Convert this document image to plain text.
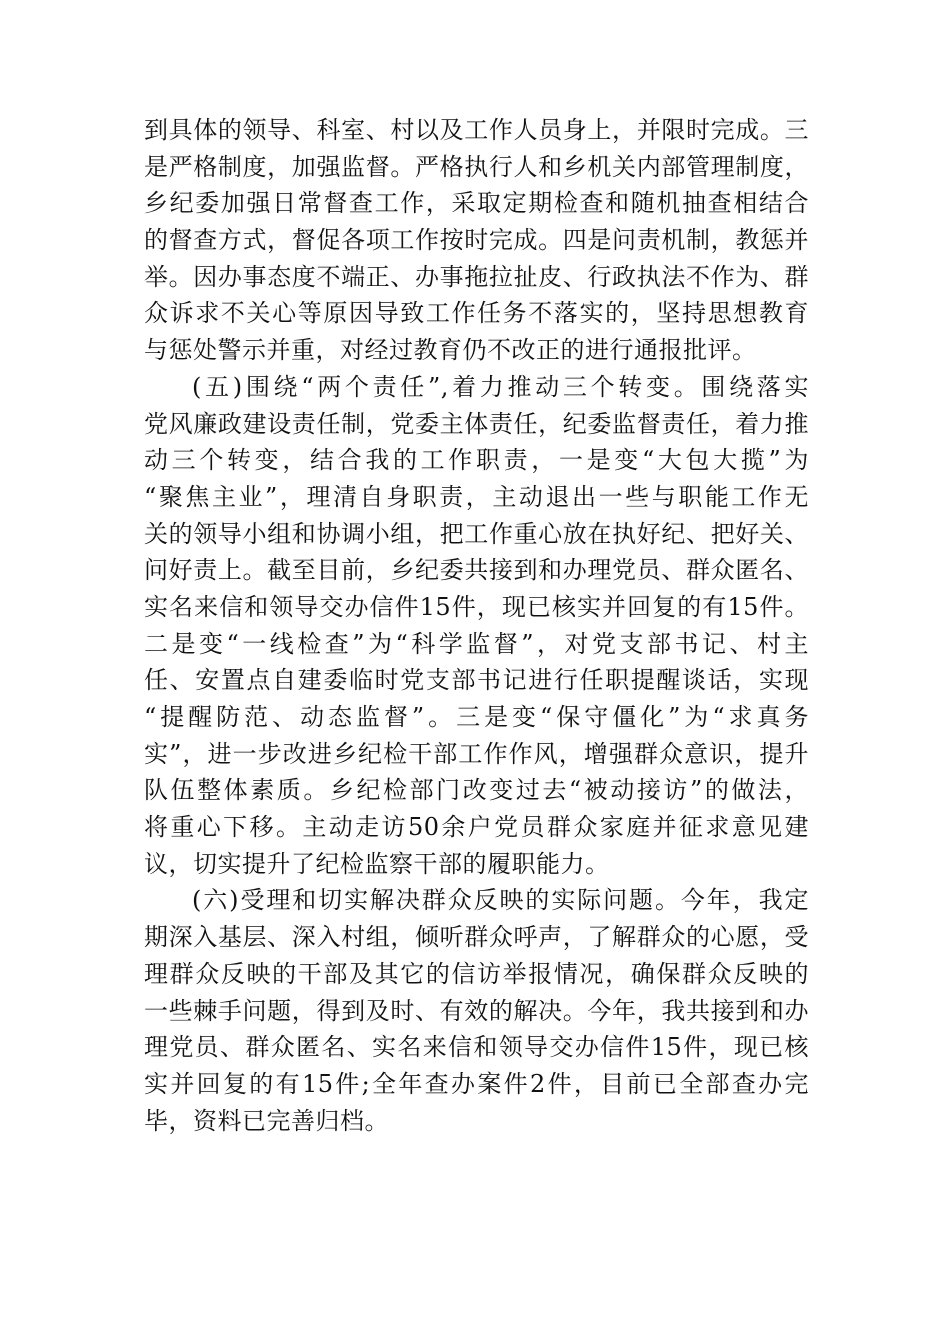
到具体的领导、科室、村以及工作人员身上，并限时完成。三
是严格制度，加强监督。严格执行人和乡机关内部管理制度，
乡纪委加强日常督查工作，采取定期检查和随机抽查相结合
的督查方式，督促各项工作按时完成。四是问责机制，教惩并
举。因办事态度不端正、办事拖拉扯皮、行政执法不作为、群
众诉求不关心等原因导致工作任务不落实的，坚持思想教育
与惩处警示并重，对经过教育仍不改正的进行通报批评。
(五)围绕“两个责任”,着力推动三个转变。围绕落实
党风廉政建设责任制，党委主体责任，纪委监督责任，着力推
动三个转变，结合我的工作职责，一是变“大包大揽”为
“聚焦主业”，理清自身职责，主动退出一些与职能工作无
关的领导小组和协调小组，把工作重心放在执好纪、把好关、
问好责上。截至目前，乡纪委共接到和办理党员、群众匿名、
实名来信和领导交办信件15件，现已核实并回复的有15件。
二是变“一线检查”为“科学监督”，对党支部书记、村主
任、安置点自建委临时党支部书记进行任职提醒谈话，实现
“提醒防范、动态监督”。三是变“保守僵化”为“求真务
实”，进一步改进乡纪检干部工作作风，增强群众意识，提升
队伍整体素质。乡纪检部门改变过去“被动接访”的做法，
将重心下移。主动走访50余户党员群众家庭并征求意见建
议，切实提升了纪检监察干部的履职能力。
(六)受理和切实解决群众反映的实际问题。今年，我定
期深入基层、深入村组，倾听群众呼声，了解群众的心愿，受
理群众反映的干部及其它的信访举报情况，确保群众反映的
一些棘手问题，得到及时、有效的解决。今年，我共接到和办
理党员、群众匿名、实名来信和领导交办信件15件，现已核
实并回复的有15件;全年查办案件2件，目前已全部查办完
毕，资料已完善归档。
